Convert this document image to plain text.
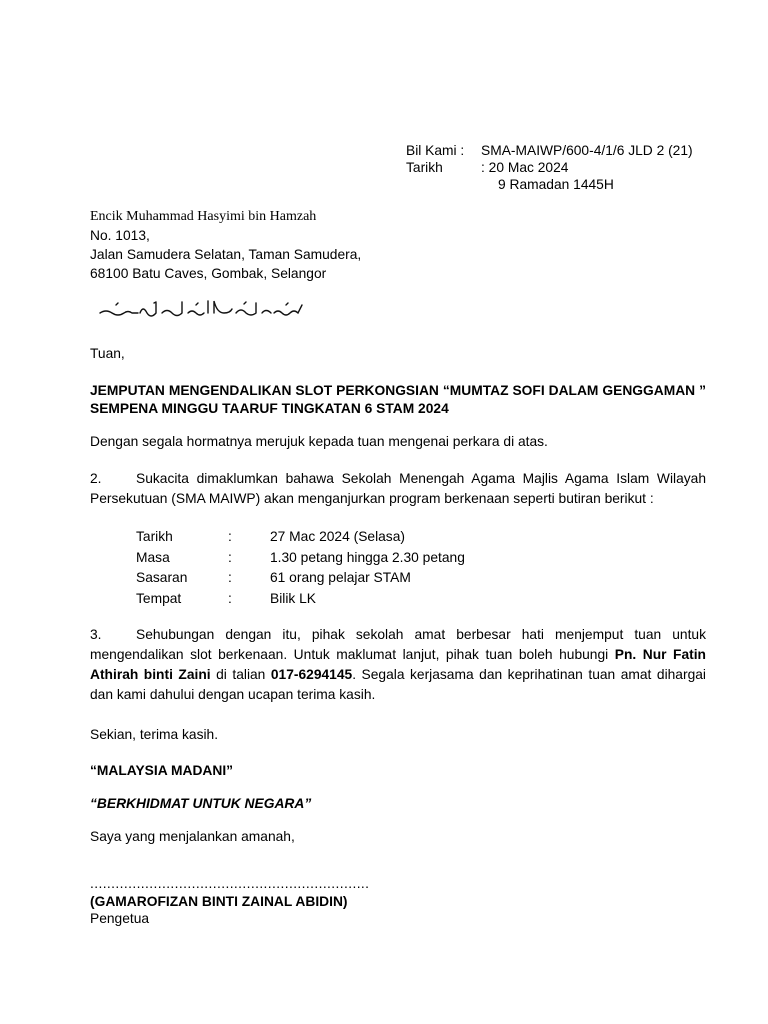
Bil Kami :	SMA-MAIWP/600-4/1/6 JLD 2 (21)
Tarikh	: 20 Mac 2024
9 Ramadan 1445H
Encik Muhammad Hasyimi bin Hamzah
No. 1013,
Jalan Samudera Selatan, Taman Samudera,
68100 Batu Caves, Gombak, Selangor
Tuan,
JEMPUTAN MENGENDALIKAN SLOT PERKONGSIAN “MUMTAZ SOFI DALAM GENGGAMAN ” SEMPENA MINGGU TAARUF TINGKATAN 6 STAM 2024
Dengan segala hormatnya merujuk kepada tuan mengenai perkara di atas.
2. Sukacita dimaklumkan bahawa Sekolah Menengah Agama Majlis Agama Islam Wilayah Persekutuan (SMA MAIWP) akan menganjurkan program berkenaan seperti butiran berikut :
Tarikh	:	27 Mac 2024 (Selasa)
Masa	:	1.30 petang hingga 2.30 petang
Sasaran	:	61 orang pelajar STAM
Tempat	:	Bilik LK
3. Sehubungan dengan itu, pihak sekolah amat berbesar hati menjemput tuan untuk mengendalikan slot berkenaan. Untuk maklumat lanjut, pihak tuan boleh hubungi Pn. Nur Fatin Athirah binti Zaini di talian 017-6294145. Segala kerjasama dan keprihatinan tuan amat dihargai dan kami dahului dengan ucapan terima kasih.
Sekian, terima kasih.
“MALAYSIA MADANI”
“BERKHIDMAT UNTUK NEGARA”
Saya yang menjalankan amanah,
..................................................................
(GAMAROFIZAN BINTI ZAINAL ABIDIN)
Pengetua
